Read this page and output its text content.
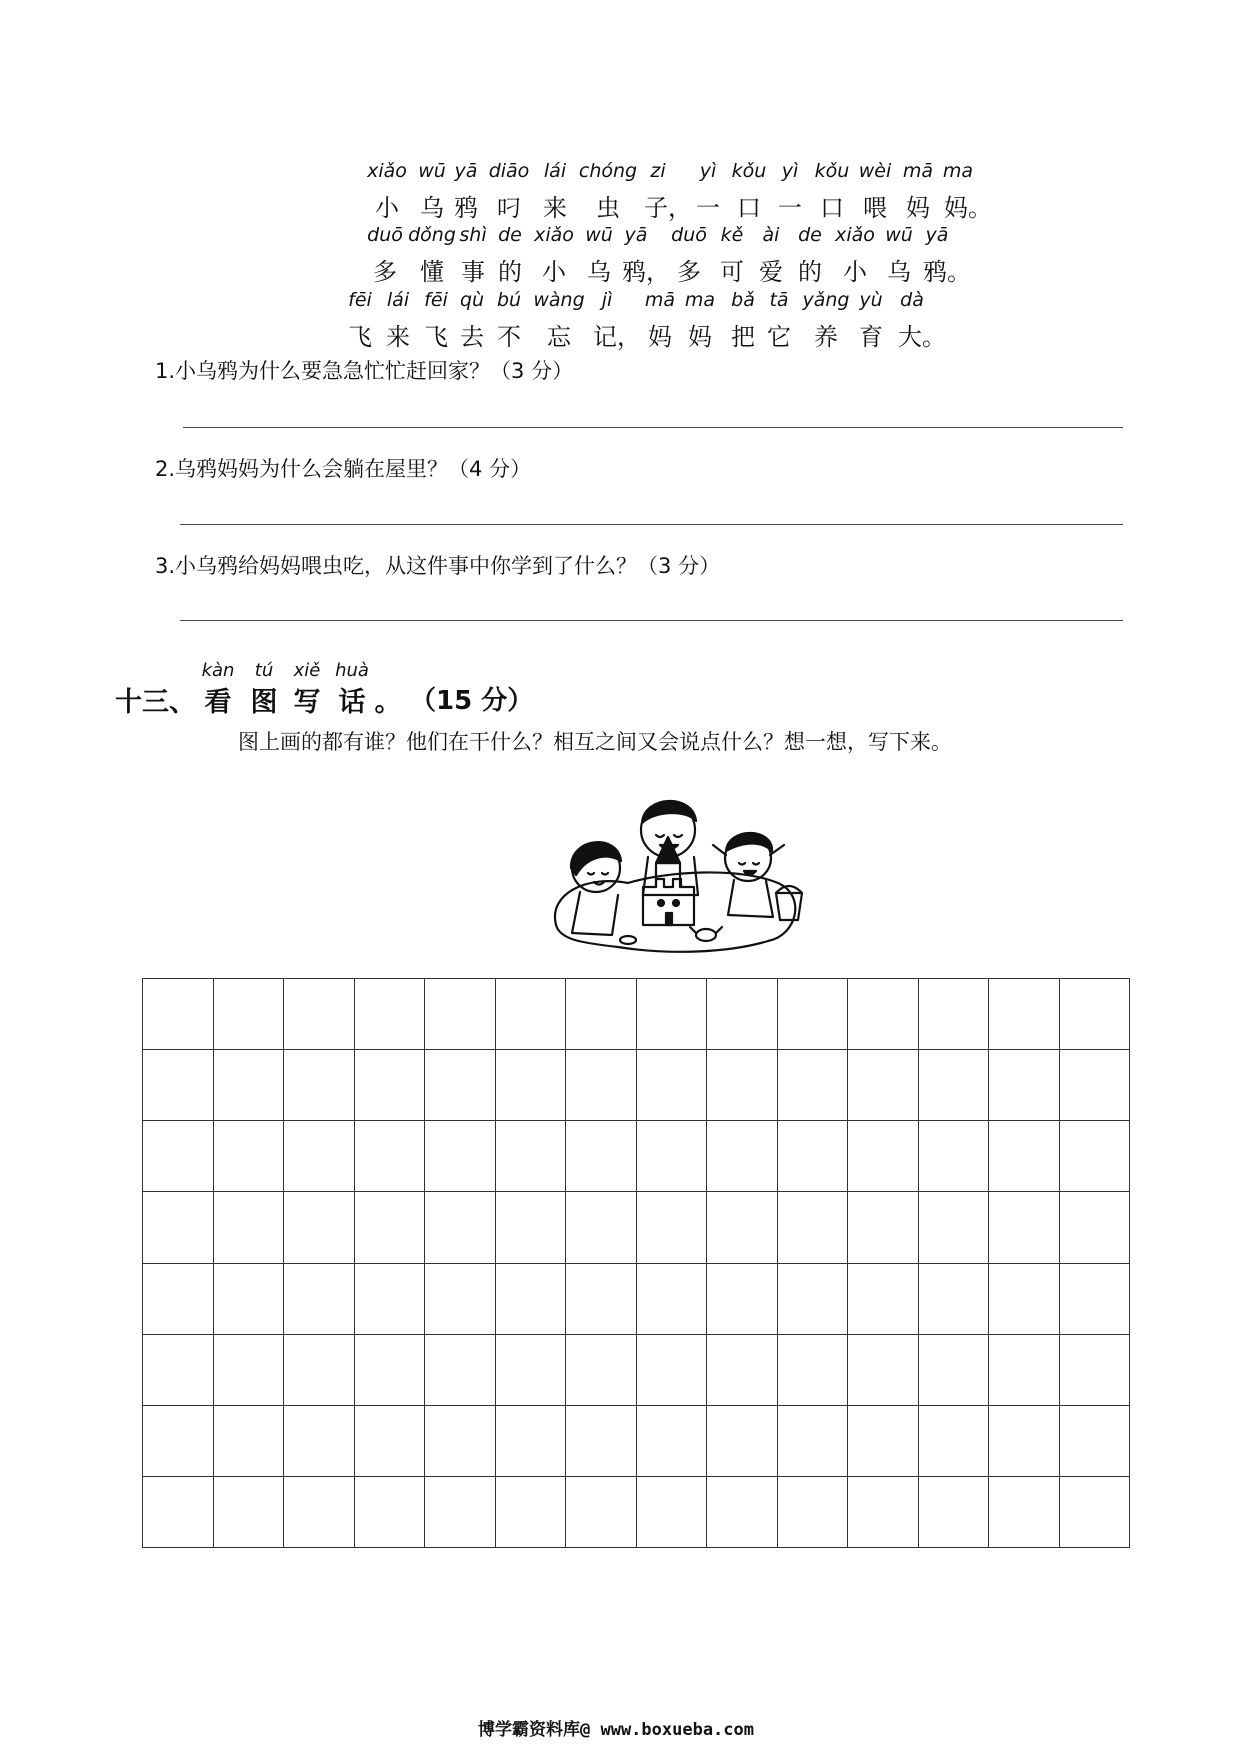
xiǎo wū yā diāo lái chóng zi yì kǒu yì kǒu wèi mā ma
小 乌 鸦 叼 来 虫 子， 一 口 一 口 喂 妈 妈。
duō dǒng shì de xiǎo wū yā duō kě ài de xiǎo wū yā
多 懂 事 的 小 乌 鸦， 多 可 爱 的 小 乌 鸦。
fēi lái fēi qù bú wàng jì mā ma bǎ tā yǎng yù dà
飞 来 飞 去 不 忘 记， 妈 妈 把 它 养 育 大。
1.小乌鸦为什么要急急忙忙赶回家？（3 分）
2.乌鸦妈妈为什么会躺在屋里？（4 分）
3.小乌鸦给妈妈喂虫吃，从这件事中你学到了什么？（3 分）
十三、
kàn tú xiě huà
看 图 写 话 。 （15 分）
图上画的都有谁？他们在干什么？相互之间又会说点什么？想一想，写下来。
博学霸资料库@ www.boxueba.com
